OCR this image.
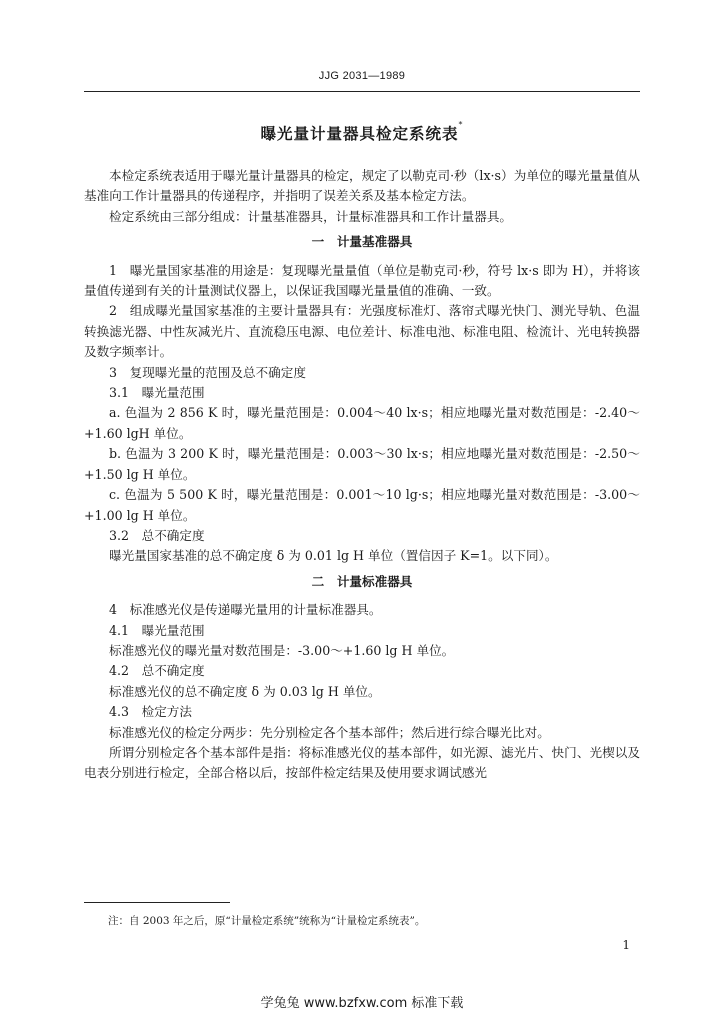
JJG 2031—1989
曝光量计量器具检定系统表*

本检定系统表适用于曝光量计量器具的检定，规定了以勒克司·秒（lx·s）为单位的曝光量量值从基准向工作计量器具的传递程序，并指明了误差关系及基本检定方法。

检定系统由三部分组成：计量基准器具，计量标准器具和工作计量器具。

一　计量基准器具

1　曝光量国家基准的用途是：复现曝光量量值（单位是勒克司·秒，符号 lx·s 即为 H），并将该量值传递到有关的计量测试仪器上，以保证我国曝光量量值的准确、一致。

2　组成曝光量国家基准的主要计量器具有：光强度标准灯、落帘式曝光快门、测光导轨、色温转换滤光器、中性灰减光片、直流稳压电源、电位差计、标准电池、标准电阻、检流计、光电转换器及数字频率计。

3　复现曝光量的范围及总不确定度

3.1　曝光量范围

a. 色温为 2 856 K 时，曝光量范围是：0.004～40 lx·s；相应地曝光量对数范围是：-2.40～+1.60 lgH 单位。

b. 色温为 3 200 K 时，曝光量范围是：0.003～30 lx·s；相应地曝光量对数范围是：-2.50～+1.50 lg H 单位。

c. 色温为 5 500 K 时，曝光量范围是：0.001～10 lg·s；相应地曝光量对数范围是：-3.00～+1.00 lg H 单位。

3.2　总不确定度

曝光量国家基准的总不确定度 δ 为 0.01 lg H 单位（置信因子 K=1。以下同）。

二　计量标准器具

4　标准感光仪是传递曝光量用的计量标准器具。

4.1　曝光量范围

标准感光仪的曝光量对数范围是：-3.00～+1.60 lg H 单位。

4.2　总不确定度

标准感光仪的总不确定度 δ 为 0.03 lg H 单位。

4.3　检定方法

标准感光仪的检定分两步：先分别检定各个基本部件；然后进行综合曝光比对。

所谓分别检定各个基本部件是指：将标准感光仪的基本部件，如光源、滤光片、快门、光楔以及电表分别进行检定，全部合格以后，按部件检定结果及使用要求调试感光

注：自 2003 年之后，原“计量检定系统”统称为“计量检定系统表”。
1
学兔兔 www.bzfxw.com 标准下载
